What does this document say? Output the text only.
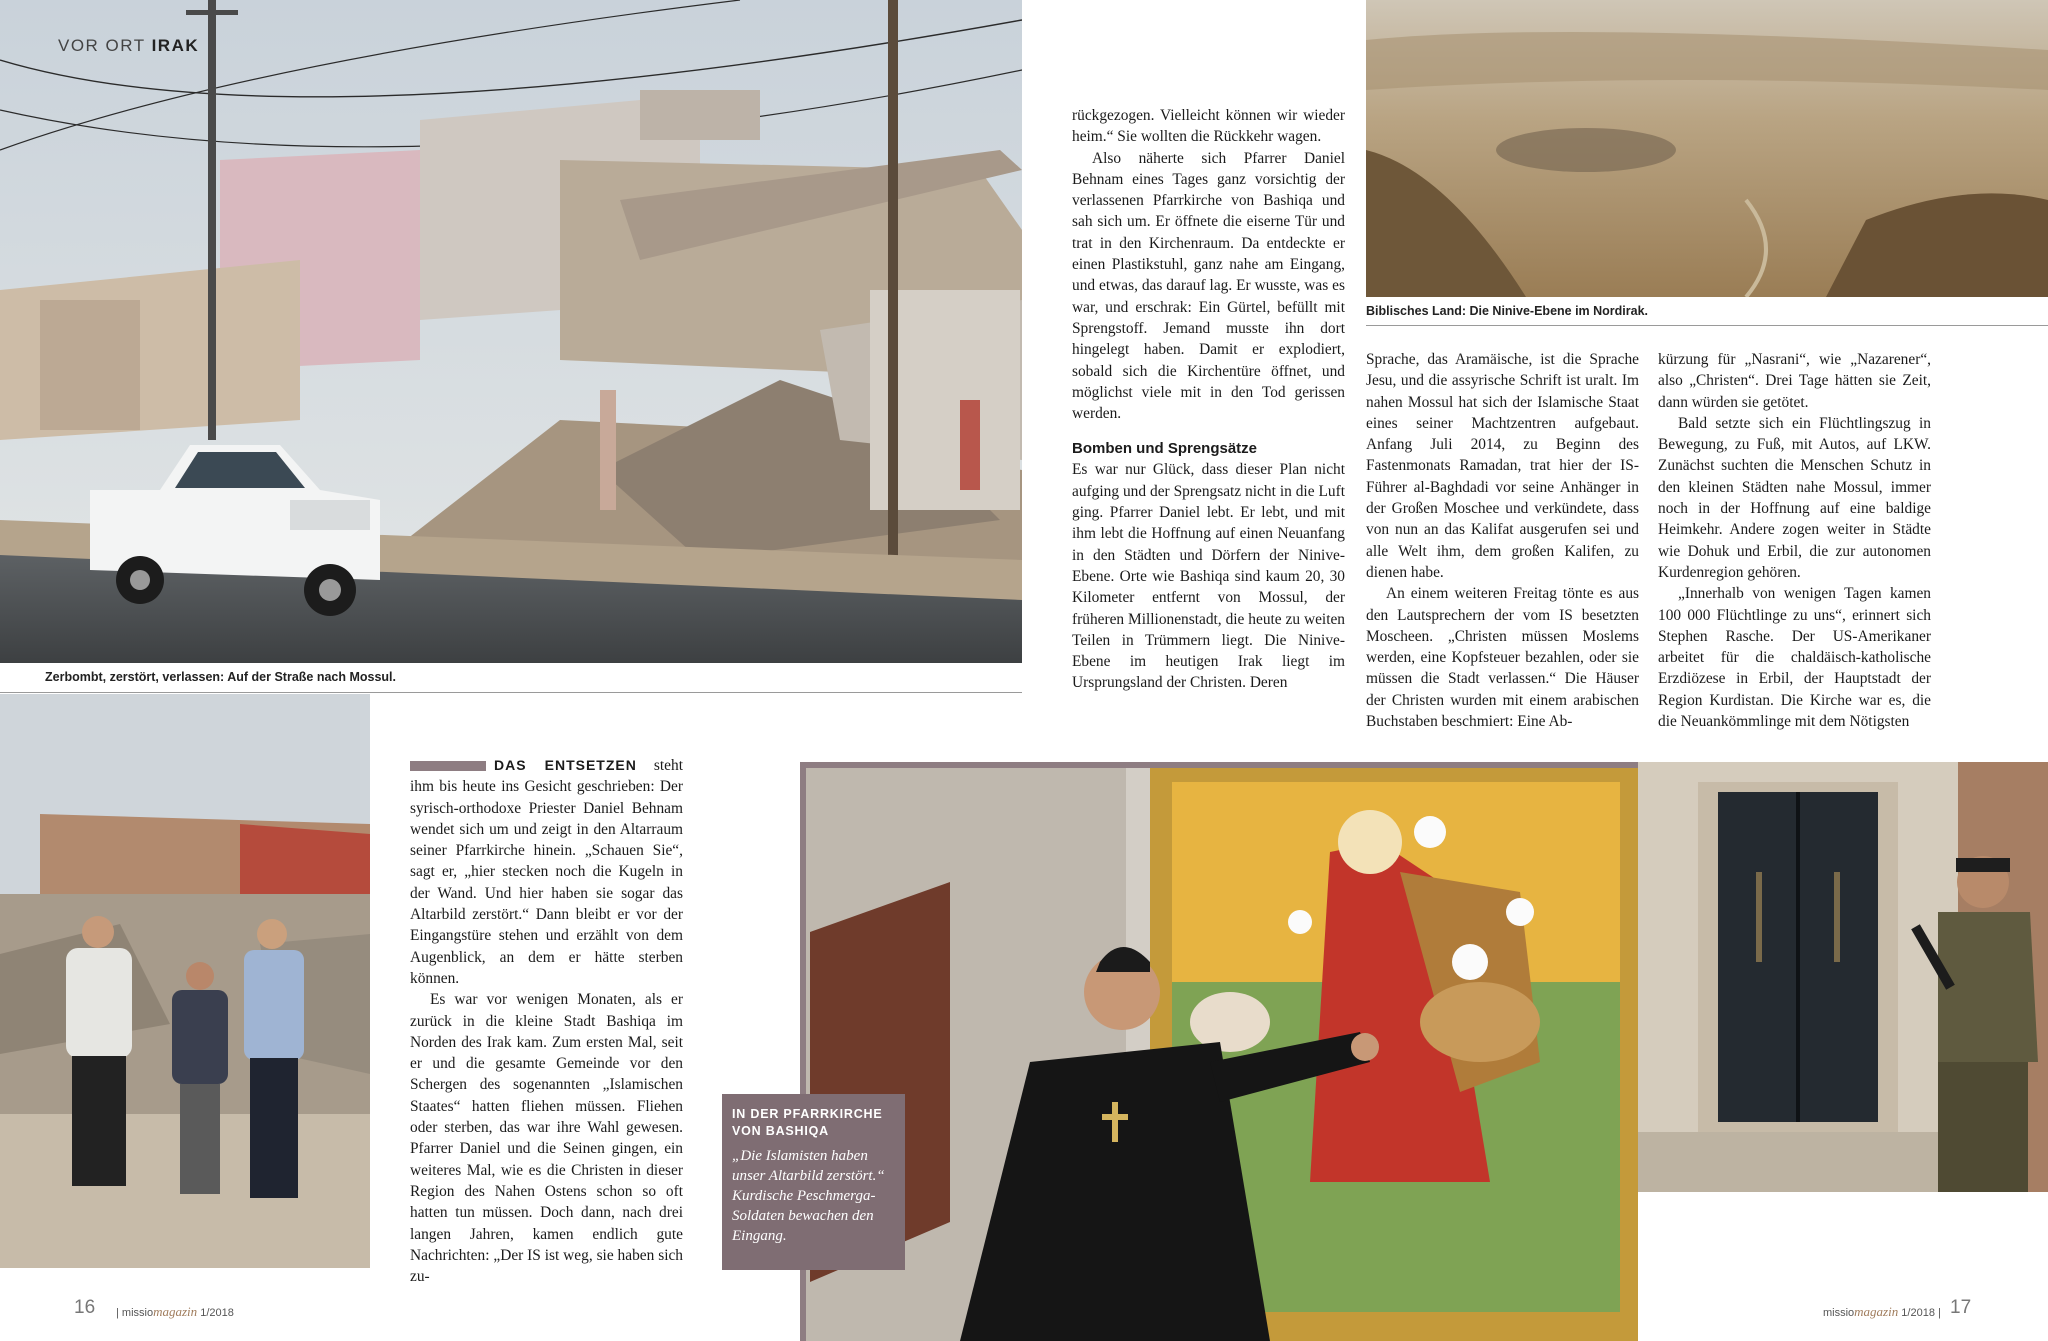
VOR ORT IRAK
Zerbombt, zerstört, verlassen: Auf der Straße nach Mossul.
Biblisches Land: Die Ninive-Ebene im Nordirak.

DAS ENTSETZEN steht ihm bis heute ins Gesicht geschrieben: Der syrisch-orthodoxe Priester Daniel Behnam wendet sich um und zeigt in den Altarraum seiner Pfarrkirche hinein. „Schauen Sie“, sagt er, „hier stecken noch die Kugeln in der Wand. Und hier haben sie sogar das Altarbild zerstört.“ Dann bleibt er vor der Eingangstüre stehen und erzählt von dem Augenblick, an dem er hätte sterben können.

Es war vor wenigen Monaten, als er zurück in die kleine Stadt Bashiqa im Norden des Irak kam. Zum ersten Mal, seit er und die gesamte Gemeinde vor den Schergen des sogenannten „Islamischen Staates“ hatten fliehen müssen. Fliehen oder sterben, das war ihre Wahl gewesen. Pfarrer Daniel und die Seinen gingen, ein weiteres Mal, wie es die Christen in dieser Region des Nahen Ostens schon so oft hatten tun müssen. Doch dann, nach drei langen Jahren, kamen endlich gute Nachrichten: „Der IS ist weg, sie haben sich zu-

rückgezogen. Vielleicht können wir wieder heim.“ Sie wollten die Rückkehr wagen.

Also näherte sich Pfarrer Daniel Behnam eines Tages ganz vorsichtig der verlassenen Pfarrkirche von Bashiqa und sah sich um. Er öffnete die eiserne Tür und trat in den Kirchenraum. Da entdeckte er einen Plastikstuhl, ganz nahe am Eingang, und etwas, das darauf lag. Er wusste, was es war, und erschrak: Ein Gürtel, befüllt mit Sprengstoff. Jemand musste ihn dort hingelegt haben. Damit er explodiert, sobald sich die Kirchentüre öffnet, und möglichst viele mit in den Tod gerissen werden.

Bomben und Sprengsätze

Es war nur Glück, dass dieser Plan nicht aufging und der Sprengsatz nicht in die Luft ging. Pfarrer Daniel lebt. Er lebt, und mit ihm lebt die Hoffnung auf einen Neuanfang in den Städten und Dörfern der Ninive-Ebene. Orte wie Bashiqa sind kaum 20, 30 Kilometer entfernt von Mossul, der früheren Millionenstadt, die heute zu weiten Teilen in Trümmern liegt. Die Ninive-Ebene im heutigen Irak liegt im Ursprungsland der Christen. Deren

Sprache, das Aramäische, ist die Sprache Jesu, und die assyrische Schrift ist uralt. Im nahen Mossul hat sich der Islamische Staat eines seiner Machtzentren aufgebaut. Anfang Juli 2014, zu Beginn des Fastenmonats Ramadan, trat hier der IS-Führer al-Baghdadi vor seine Anhänger in der Großen Moschee und verkündete, dass von nun an das Kalifat ausgerufen sei und alle Welt ihm, dem großen Kalifen, zu dienen habe.

An einem weiteren Freitag tönte es aus den Lautsprechern der vom IS besetzten Moscheen. „Christen müssen Moslems werden, eine Kopfsteuer bezahlen, oder sie müssen die Stadt verlassen.“ Die Häuser der Christen wurden mit einem arabischen Buchstaben beschmiert: Eine Ab-

kürzung für „Nasrani“, wie „Nazarener“, also „Christen“. Drei Tage hätten sie Zeit, dann würden sie getötet.

Bald setzte sich ein Flüchtlingszug in Bewegung, zu Fuß, mit Autos, auf LKW. Zunächst suchten die Menschen Schutz in den kleinen Städten nahe Mossul, immer noch in der Hoffnung auf eine baldige Heimkehr. Andere zogen weiter in Städte wie Dohuk und Erbil, die zur autonomen Kurdenregion gehören.

„Innerhalb von wenigen Tagen kamen 100 000 Flüchtlinge zu uns“, erinnert sich Stephen Rasche. Der US-Amerikaner arbeitet für die chaldäisch-katholische Erzdiözese in Erbil, der Hauptstadt der Region Kurdistan. Die Kirche war es, die die Neuankömmlinge mit dem Nötigsten

IN DER PFARRKIRCHE
VON BASHIQA
„Die Islamisten haben unser Altarbild zerstört.“ Kurdische Peschmerga-Soldaten bewachen den Eingang.
16 | missiomagazin 1/2018	missiomagazin 1/2018 | 17
